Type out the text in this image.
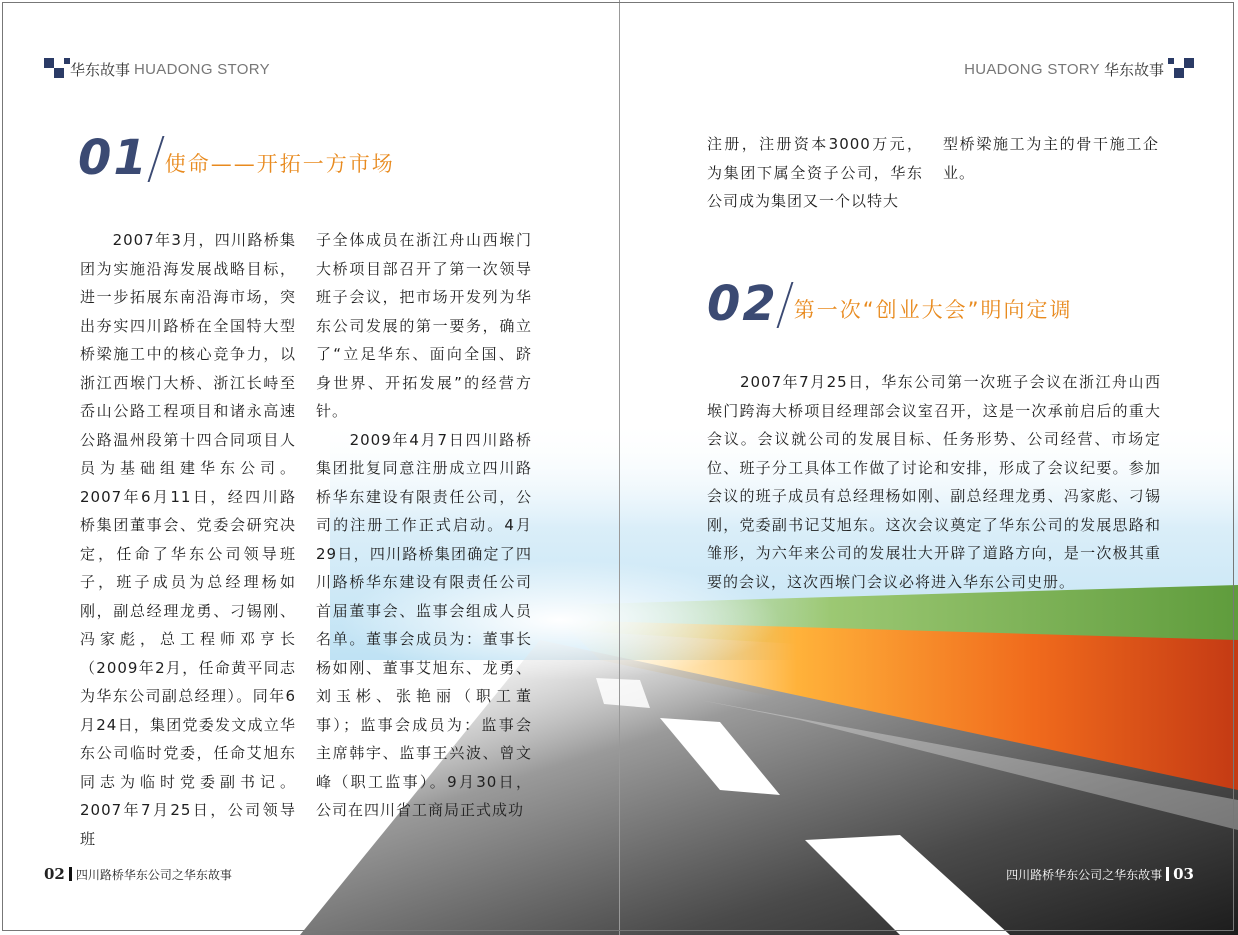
华东故事 HUADONG STORY	HUADONG STORY 华东故事
01 使命——开拓一方市场
　　2007年3月，四川路桥集团为实施沿海发展战略目标，进一步拓展东南沿海市场，突出夯实四川路桥在全国特大型桥梁施工中的核心竞争力，以浙江西堠门大桥、浙江长峙至岙山公路工程项目和诸永高速公路温州段第十四合同项目人员为基础组建华东公司。2007年6月11日，经四川路桥集团董事会、党委会研究决定，任命了华东公司领导班子，班子成员为总经理杨如刚，副总经理龙勇、刁锡刚、冯家彪，总工程师邓亨长（2009年2月，任命黄平同志为华东公司副总经理）。同年6月24日，集团党委发文成立华东公司临时党委，任命艾旭东同志为临时党委副书记。2007年7月25日，公司领导班
子全体成员在浙江舟山西堠门大桥项目部召开了第一次领导班子会议，把市场开发列为华东公司发展的第一要务，确立了“立足华东、面向全国、跻身世界、开拓发展”的经营方针。
　　2009年4月7日四川路桥集团批复同意注册成立四川路桥华东建设有限责任公司，公司的注册工作正式启动。4月29日，四川路桥集团确定了四川路桥华东建设有限责任公司首届董事会、监事会组成人员名单。董事会成员为：董事长杨如刚、董事艾旭东、龙勇、刘玉彬、张艳丽（职工董事）；监事会成员为：监事会主席韩宇、监事王兴波、曾文峰（职工监事）。9月30日，公司在四川省工商局正式成功
注册，注册资本3000万元，为集团下属全资子公司，华东公司成为集团又一个以特大
型桥梁施工为主的骨干施工企业。
02 第一次“创业大会”明向定调
　　2007年7月25日，华东公司第一次班子会议在浙江舟山西堠门跨海大桥项目经理部会议室召开，这是一次承前启后的重大会议。会议就公司的发展目标、任务形势、公司经营、市场定位、班子分工具体工作做了讨论和安排，形成了会议纪要。参加会议的班子成员有总经理杨如刚、副总经理龙勇、冯家彪、刁锡刚，党委副书记艾旭东。这次会议奠定了华东公司的发展思路和雏形，为六年来公司的发展壮大开辟了道路方向，是一次极其重要的会议，这次西堠门会议必将进入华东公司史册。
02 四川路桥华东公司之华东故事	四川路桥华东公司之华东故事 03
